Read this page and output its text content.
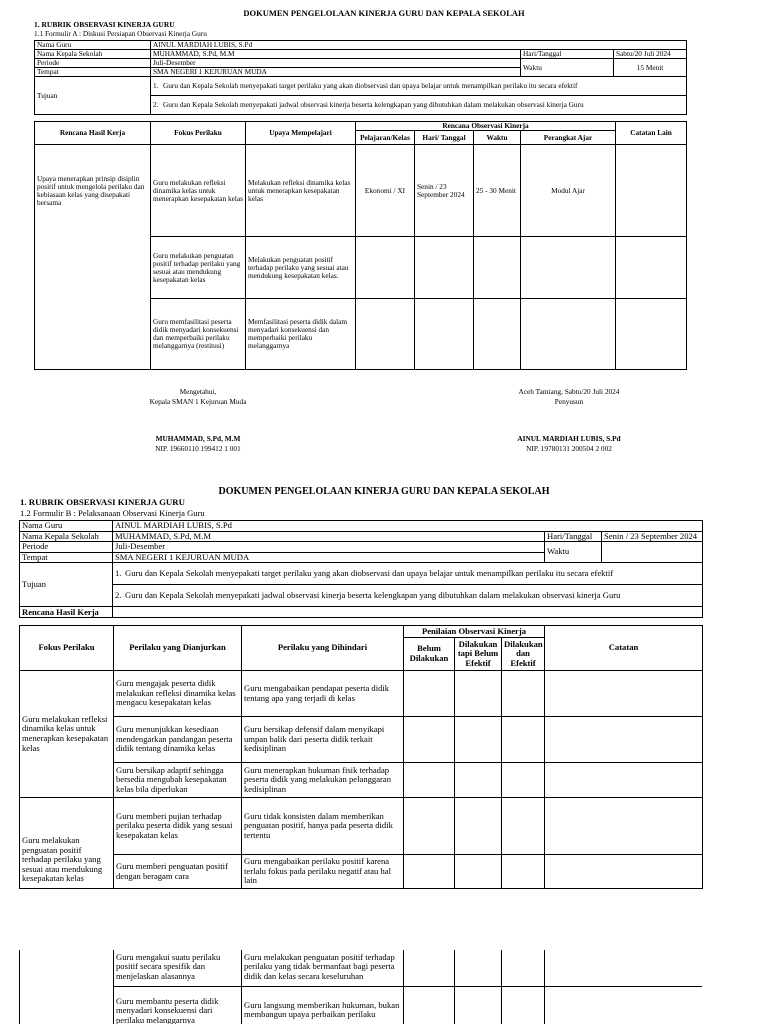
DOKUMEN PENGELOLAAN KINERJA GURU DAN KEPALA SEKOLAH
1. RUBRIK OBSERVASI KINERJA GURU
1.1 Formulir A : Diskusi Persiapan Observasi Kinerja Guru
Nama Guru	AINUL MARDIAH LUBIS, S.Pd		
Nama Kepala Sekolah	MUHAMMAD, S.Pd, M.M	Hari/Tanggal	Sabtu/20 Juli 2024
Periode	Juli-Desember	Waktu	15 Menit
Tempat	SMA NEGERI 1 KEJURUAN MUDA		
Tujuan	1. Guru dan Kepala Sekolah menyepakati target perilaku yang akan diobservasi dan upaya belajar untuk menampilkan perilaku itu secara efektif		

	2. Guru dan Kepala Sekolah menyepakati jadwal observasi kinerja beserta kelengkapan yang dibutuhkan dalam melakukan observasi kinerja Guru		
Rencana Hasil Kerja	Fokus Perilaku	Upaya Mempelajari	Rencana Observasi Kinerja				Catatan Lain
			Pelajaran/Kelas	Hari/ Tanggal	Waktu	Perangkat Ajar	
Upaya menerapkan prinsip disiplin positif untuk mengelola perilaku dan kebiasaan kelas yang disepakati bersama	Guru melakukan refleksi dinamika kelas untuk menerapkan kesepakatan kelas	Melakukan refleksi dinamika kelas untuk menerapkan kesepakatan kelas	Ekonomi / XI	Senin / 23 September 2024	25 - 30 Menit	Modul Ajar	
	Guru melakukan penguatan positif terhadap perilaku yang sesuai atau mendukung kesepakatan kelas	Melakukan penguatan positif terhadap perilaku yang sesuai atau mendukung kesepakatan kelas.					
	Guru memfasilitasi peserta didik menyadari konsekuensi dan memperbaiki perilaku melanggarnya (restitusi)	Memfasilitasi peserta didik dalam menyadari konsekuensi dan memperbaiki perilaku melanggarnya					
Mengetahui,
Kepala SMAN 1 Kejuruan Muda
MUHAMMAD, S.Pd, M.M
NIP. 19660110 199412 1 001
Aceh Tamiang, Sabtu/20 Juli 2024
Penyusun
AINUL MARDIAH LUBIS, S.Pd
NIP. 19780131 200504 2 002
DOKUMEN PENGELOLAAN KINERJA GURU DAN KEPALA SEKOLAH
1. RUBRIK OBSERVASI KINERJA GURU
1.2 Formulir B : Pelaksanaan Observasi Kinerja Guru
Nama Guru	AINUL MARDIAH LUBIS, S.Pd		
Nama Kepala Sekolah	MUHAMMAD, S.Pd, M.M	Hari/Tanggal	Senin / 23 September 2024
Periode	Juli-Desember	Waktu	
Tempat	SMA NEGERI 1 KEJURUAN MUDA		
Tujuan	1. Guru dan Kepala Sekolah menyepakati target perilaku yang akan diobservasi dan upaya belajar untuk menampilkan perilaku itu secara efektif		

	2. Guru dan Kepala Sekolah menyepakati jadwal observasi kinerja beserta kelengkapan yang dibutuhkan dalam melakukan observasi kinerja Guru		

Rencana Hasil Kerja			
Fokus Perilaku	Perilaku yang Dianjurkan	Perilaku yang Dihindari	Penilaian Observasi Kinerja			Catatan
			Belum Dilakukan	Dilakukan tapi Belum Efektif	Dilakukan dan Efektif	
Guru melakukan refleksi dinamika kelas untuk menerapkan kesepakatan kelas	Guru mengajak peserta didik melakukan refleksi dinamika kelas mengacu kesepakatan kelas	Guru mengabaikan pendapat peserta didik tentang apa yang terjadi di kelas				
	Guru menunjukkan kesediaan mendengarkan pandangan peserta didik tentang dinamika kelas	Guru bersikap defensif dalam menyikapi umpan balik dari peserta didik terkait kedisiplinan				
	Guru bersikap adaptif sehingga bersedia mengubah kesepakatan kelas bila diperlukan	Guru menerapkan hukuman fisik terhadap peserta didik yang melakukan pelanggaran kedisiplinan				
Guru melakukan penguatan positif terhadap perilaku yang sesuai atau mendukung kesepakatan kelas	Guru memberi pujian terhadap perilaku peserta didik yang sesuai kesepakatan kelas	Guru tidak konsisten dalam memberikan penguatan positif, hanya pada peserta didik tertentu				
	Guru memberi penguatan positif dengan beragam cara	Guru mengabaikan perilaku positif karena terlalu fokus pada perilaku negatif atau hal lain				
	Guru mengakui suatu perilaku positif secara spesifik dan menjelaskan alasannya	Guru melakukan penguatan positif terhadap perilaku yang tidak bermanfaat bagi peserta didik dan kelas secara keseluruhan				
	Guru membantu peserta didik menyadari konsekuensi dari perilaku melanggarnya	Guru langsung memberikan hukuman, bukan membangun upaya perbaikan perilaku				
